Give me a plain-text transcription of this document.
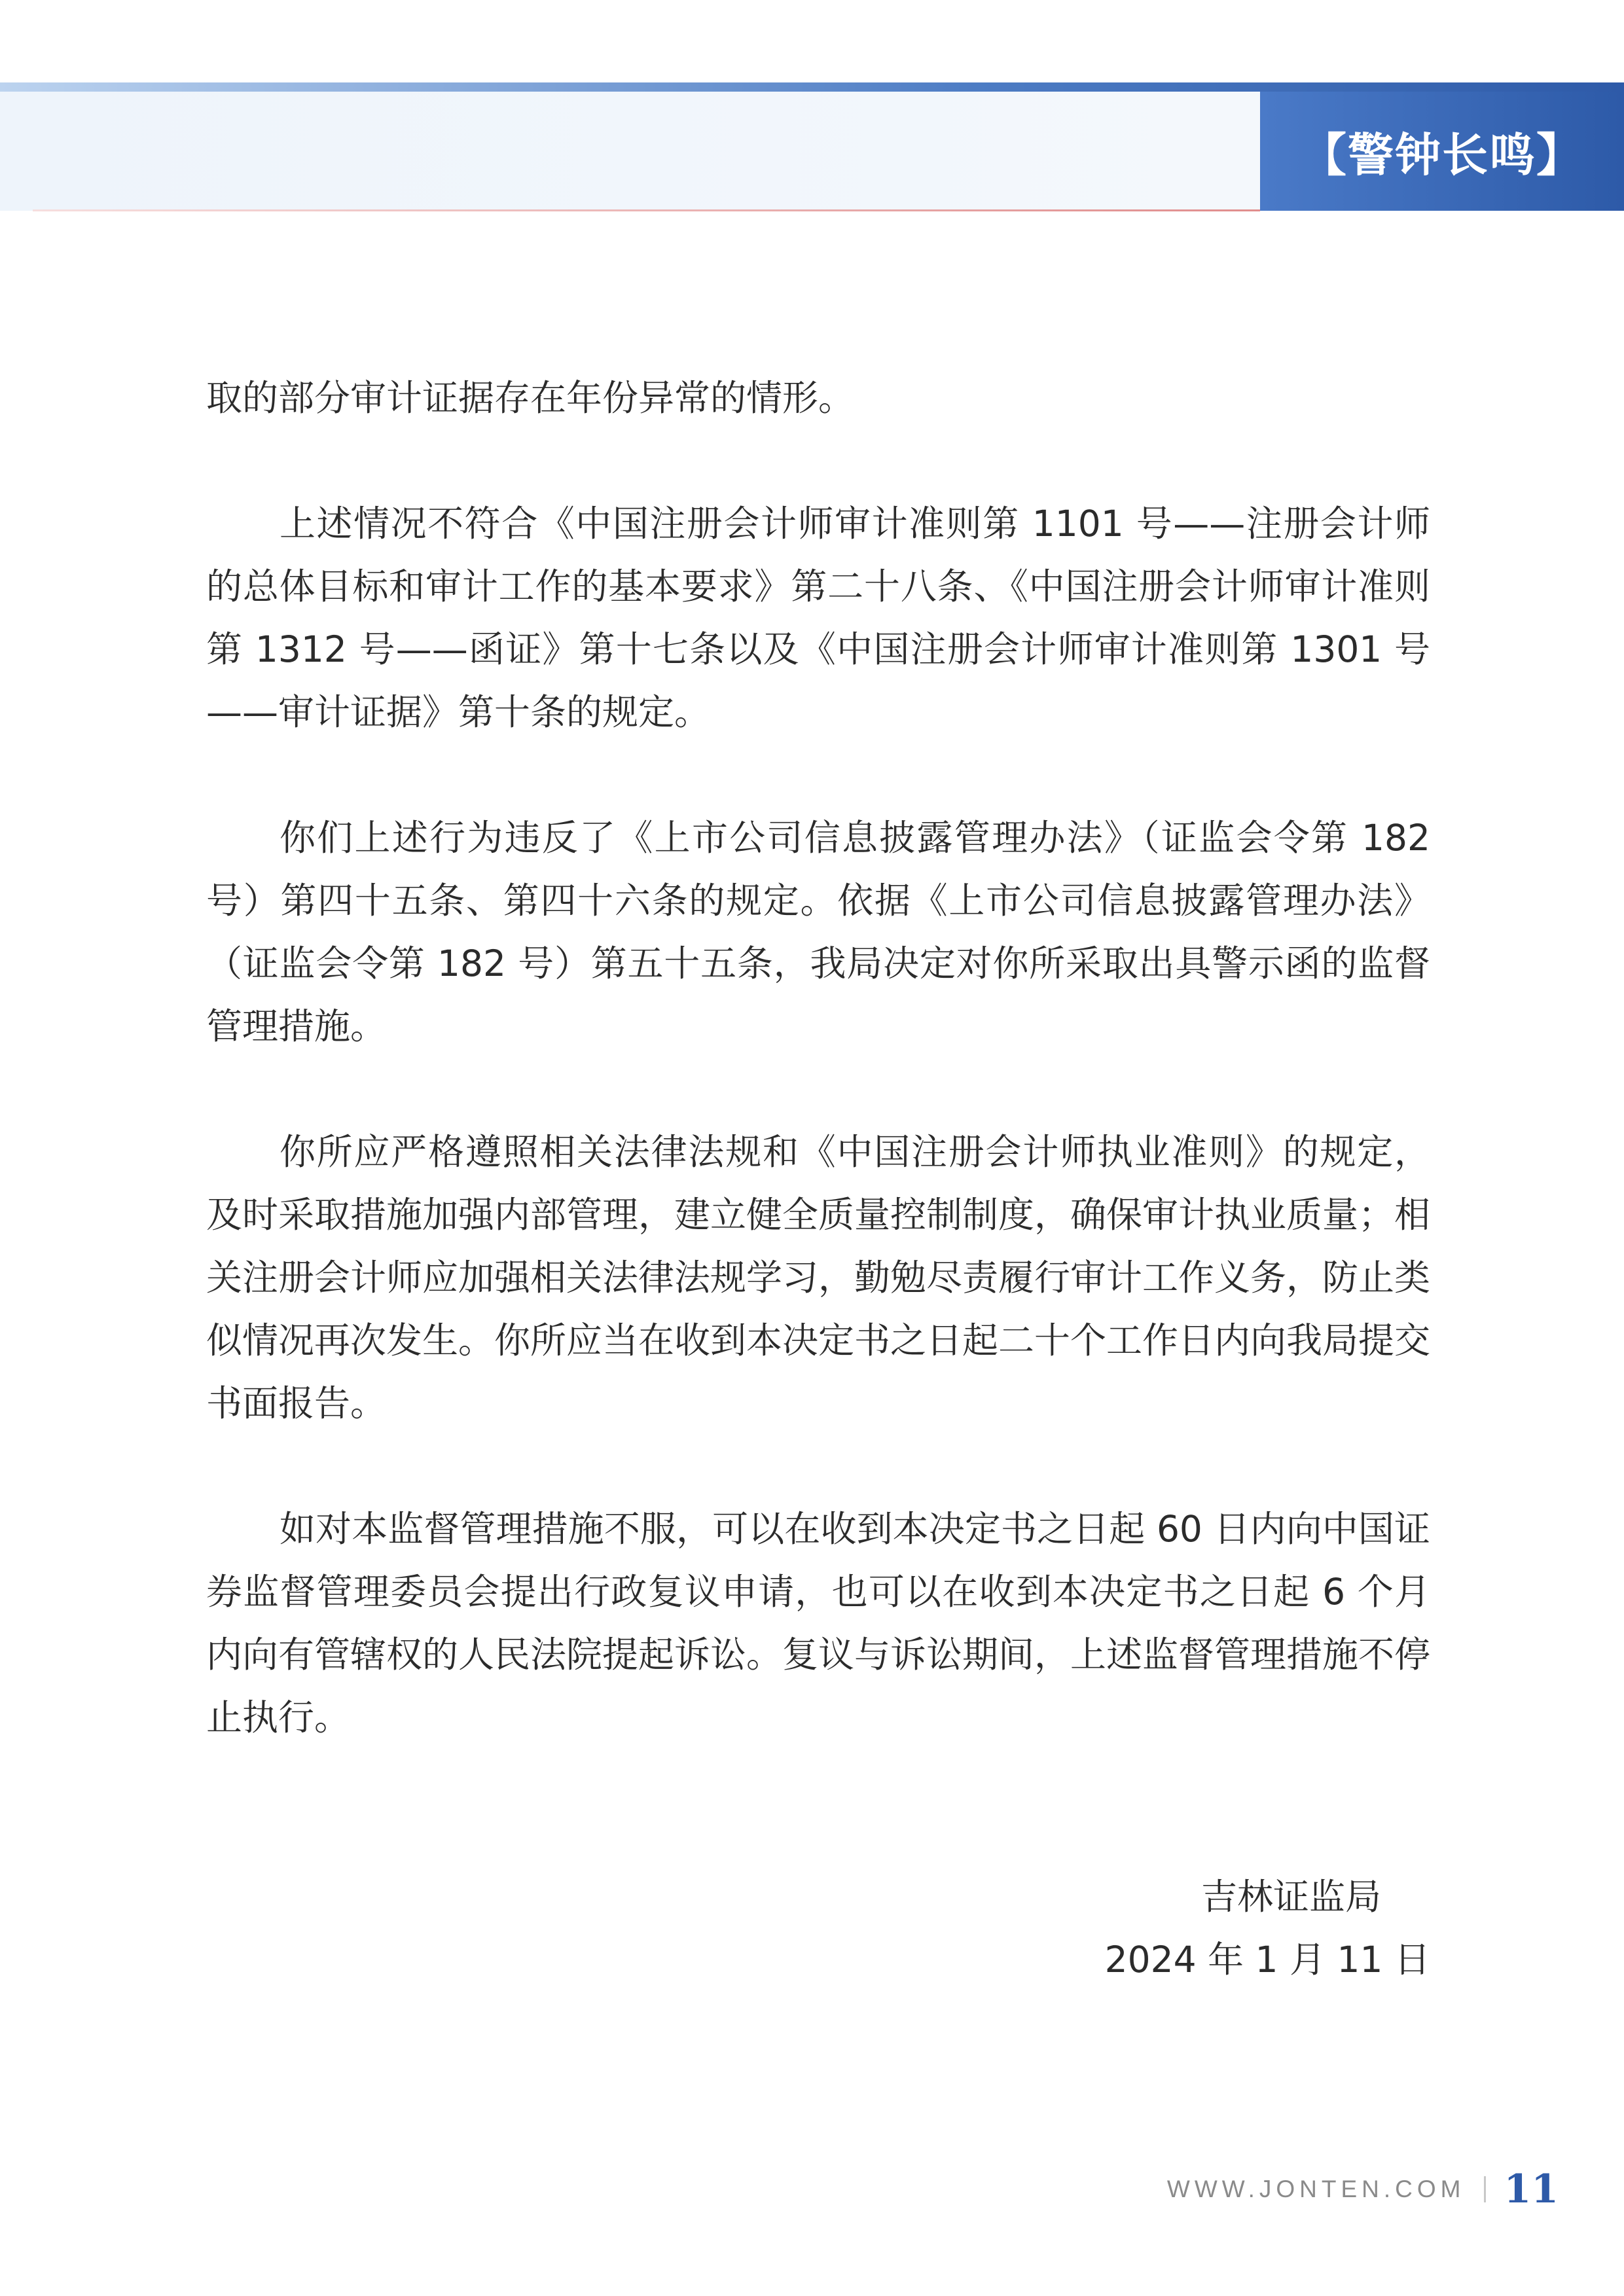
【警钟长鸣】

取的部分审计证据存在年份异常的情形。

上述情况不符合《中国注册会计师审计准则第 1101 号——注册会计师的总体目标和审计工作的基本要求》第二十八条、《中国注册会计师审计准则第 1312 号——函证》第十七条以及《中国注册会计师审计准则第 1301 号——审计证据》第十条的规定。

你们上述行为违反了《上市公司信息披露管理办法》（证监会令第 182 号）第四十五条、第四十六条的规定。依据《上市公司信息披露管理办法》（证监会令第 182 号）第五十五条，我局决定对你所采取出具警示函的监督管理措施。

你所应严格遵照相关法律法规和《中国注册会计师执业准则》的规定，及时采取措施加强内部管理，建立健全质量控制制度，确保审计执业质量；相关注册会计师应加强相关法律法规学习，勤勉尽责履行审计工作义务，防止类似情况再次发生。你所应当在收到本决定书之日起二十个工作日内向我局提交书面报告。

如对本监督管理措施不服，可以在收到本决定书之日起 60 日内向中国证券监督管理委员会提出行政复议申请，也可以在收到本决定书之日起 6 个月内向有管辖权的人民法院提起诉讼。复议与诉讼期间，上述监督管理措施不停止执行。

吉林证监局
2024 年 1 月 11 日
WWW.JONTEN.COM 11
